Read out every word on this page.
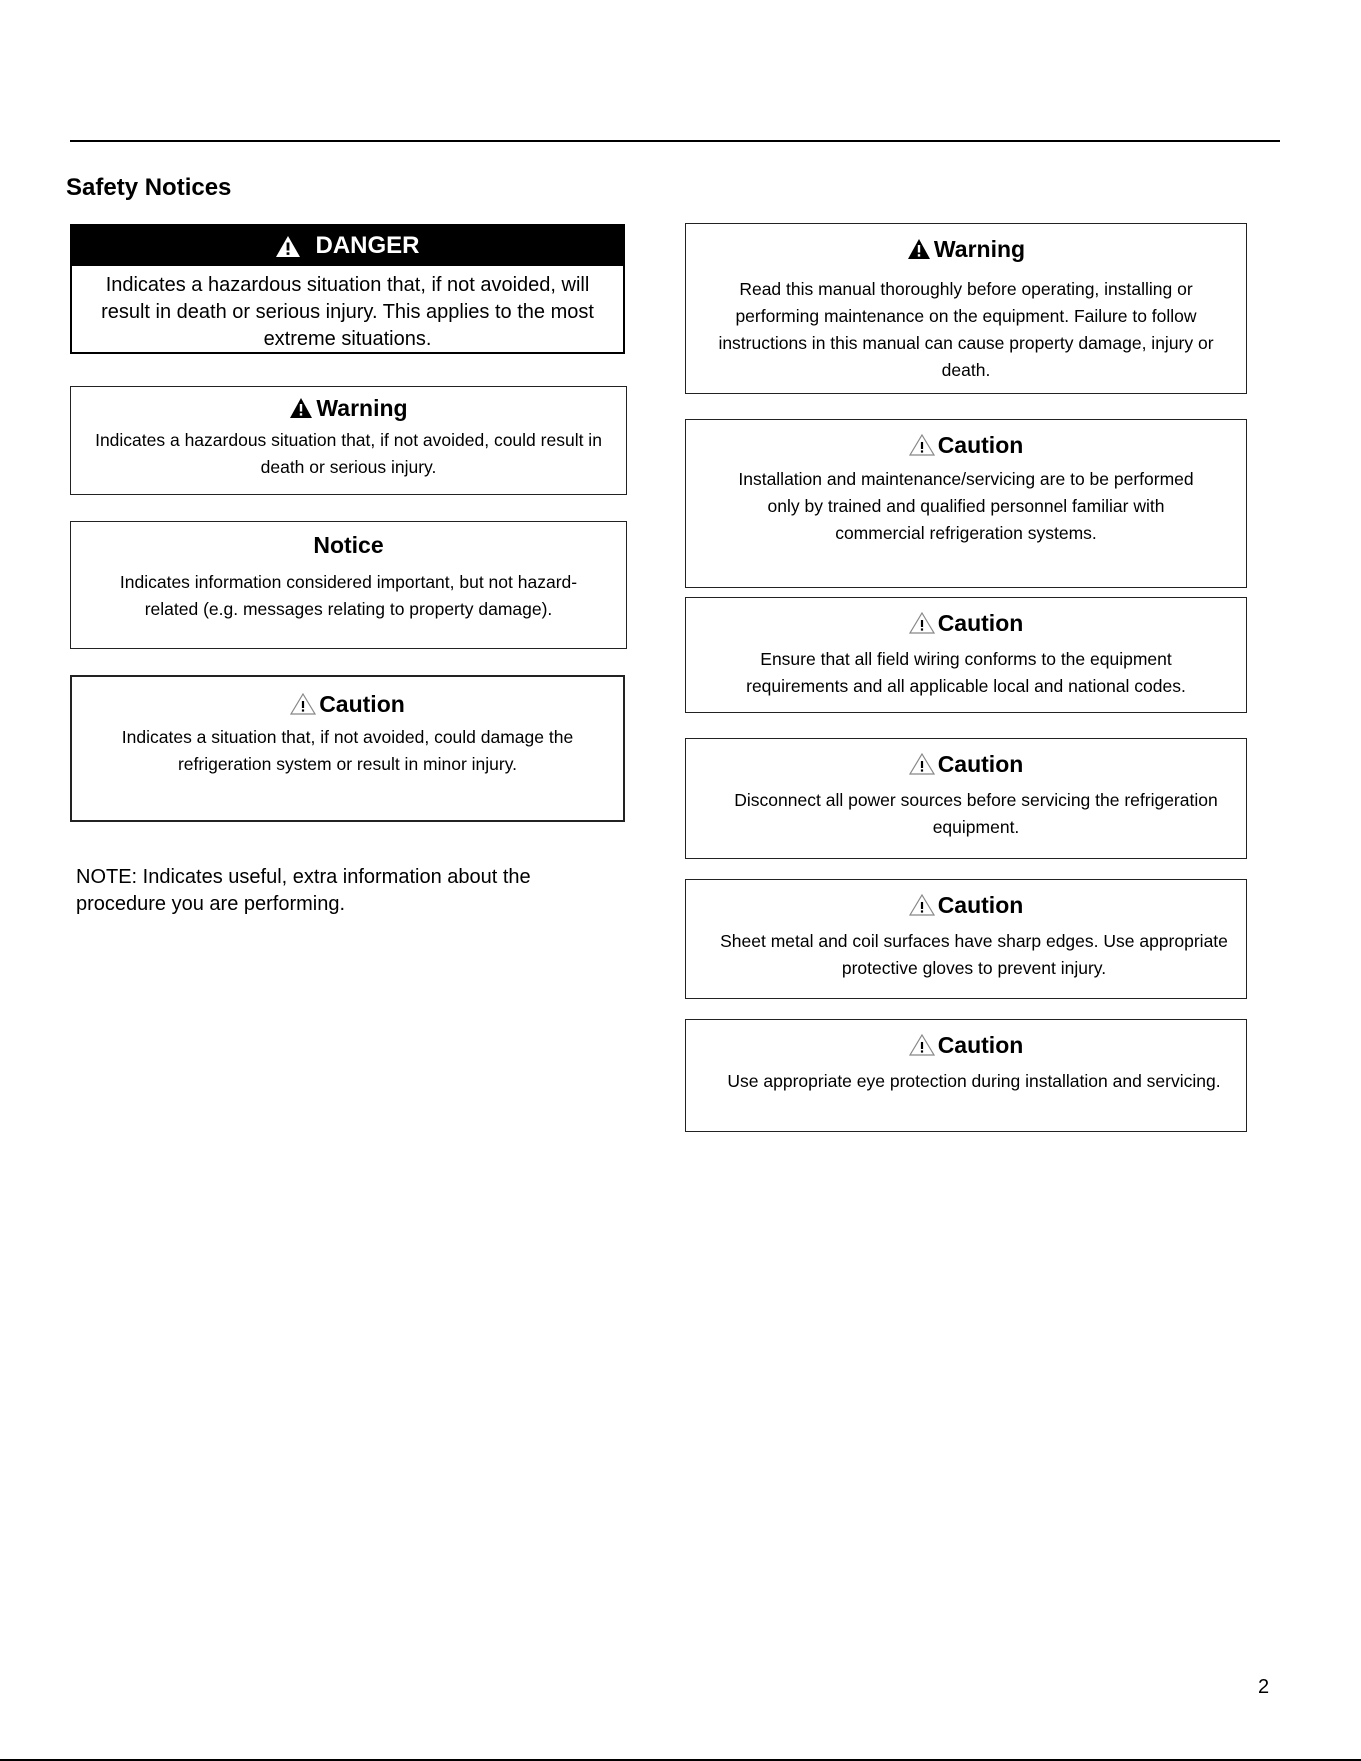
Safety Notices
DANGER

Indicates a hazardous situation that, if not avoided, will result in death or serious injury. This applies to the most extreme situations.

Warning

Indicates a hazardous situation that, if not avoided, could result in death or serious injury.

Notice

Indicates information considered important, but not hazard-related (e.g. messages relating to property damage).

Caution

Indicates a situation that, if not avoided, could damage the refrigeration system or result in minor injury.

NOTE: Indicates useful, extra information about the procedure you are performing.

Warning

Read this manual thoroughly before operating, installing or performing maintenance on the equipment. Failure to follow instructions in this manual can cause property damage, injury or death.

Caution

Installation and maintenance/servicing are to be performed only by trained and qualified personnel familiar with commercial refrigeration systems.

Caution

Ensure that all field wiring conforms to the equipment requirements and all applicable local and national codes.

Caution

Disconnect all power sources before servicing the refrigeration equipment.

Caution

Sheet metal and coil surfaces have sharp edges. Use appropriate protective gloves to prevent injury.

Caution

Use appropriate eye protection during installation and servicing.

2
